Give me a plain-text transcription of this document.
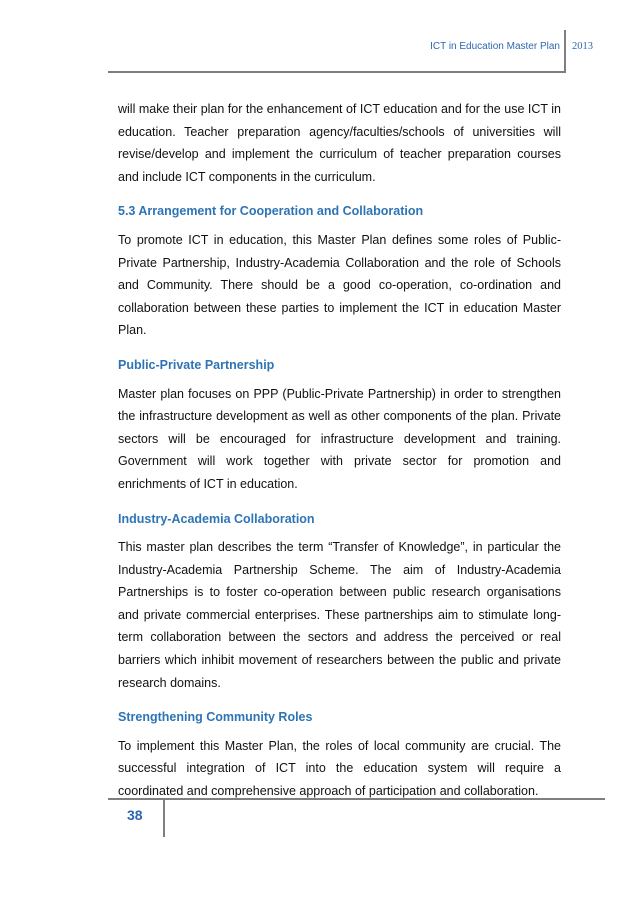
ICT in Education Master Plan 2013

will make their plan for the enhancement of ICT education and for the use ICT in education. Teacher preparation agency/faculties/schools of universities will revise/develop and implement the curriculum of teacher preparation courses and include ICT components in the curriculum.

5.3 Arrangement for Cooperation and Collaboration

To promote ICT in education, this Master Plan defines some roles of Public-Private Partnership, Industry-Academia Collaboration and the role of Schools and Community. There should be a good co-operation, co-ordination and collaboration between these parties to implement the ICT in education Master Plan.

Public-Private Partnership

Master plan focuses on PPP (Public-Private Partnership) in order to strengthen the infrastructure development as well as other components of the plan. Private sectors will be encouraged for infrastructure development and training. Government will work together with private sector for promotion and enrichments of ICT in education.

Industry-Academia Collaboration

This master plan describes the term “Transfer of Knowledge”, in particular the Industry-Academia Partnership Scheme. The aim of Industry-Academia Partnerships is to foster co-operation between public research organisations and private commercial enterprises. These partnerships aim to stimulate long-term collaboration between the sectors and address the perceived or real barriers which inhibit movement of researchers between the public and private research domains.

Strengthening Community Roles

To implement this Master Plan, the roles of local community are crucial. The successful integration of ICT into the education system will require a coordinated and comprehensive approach of participation and collaboration.

38
